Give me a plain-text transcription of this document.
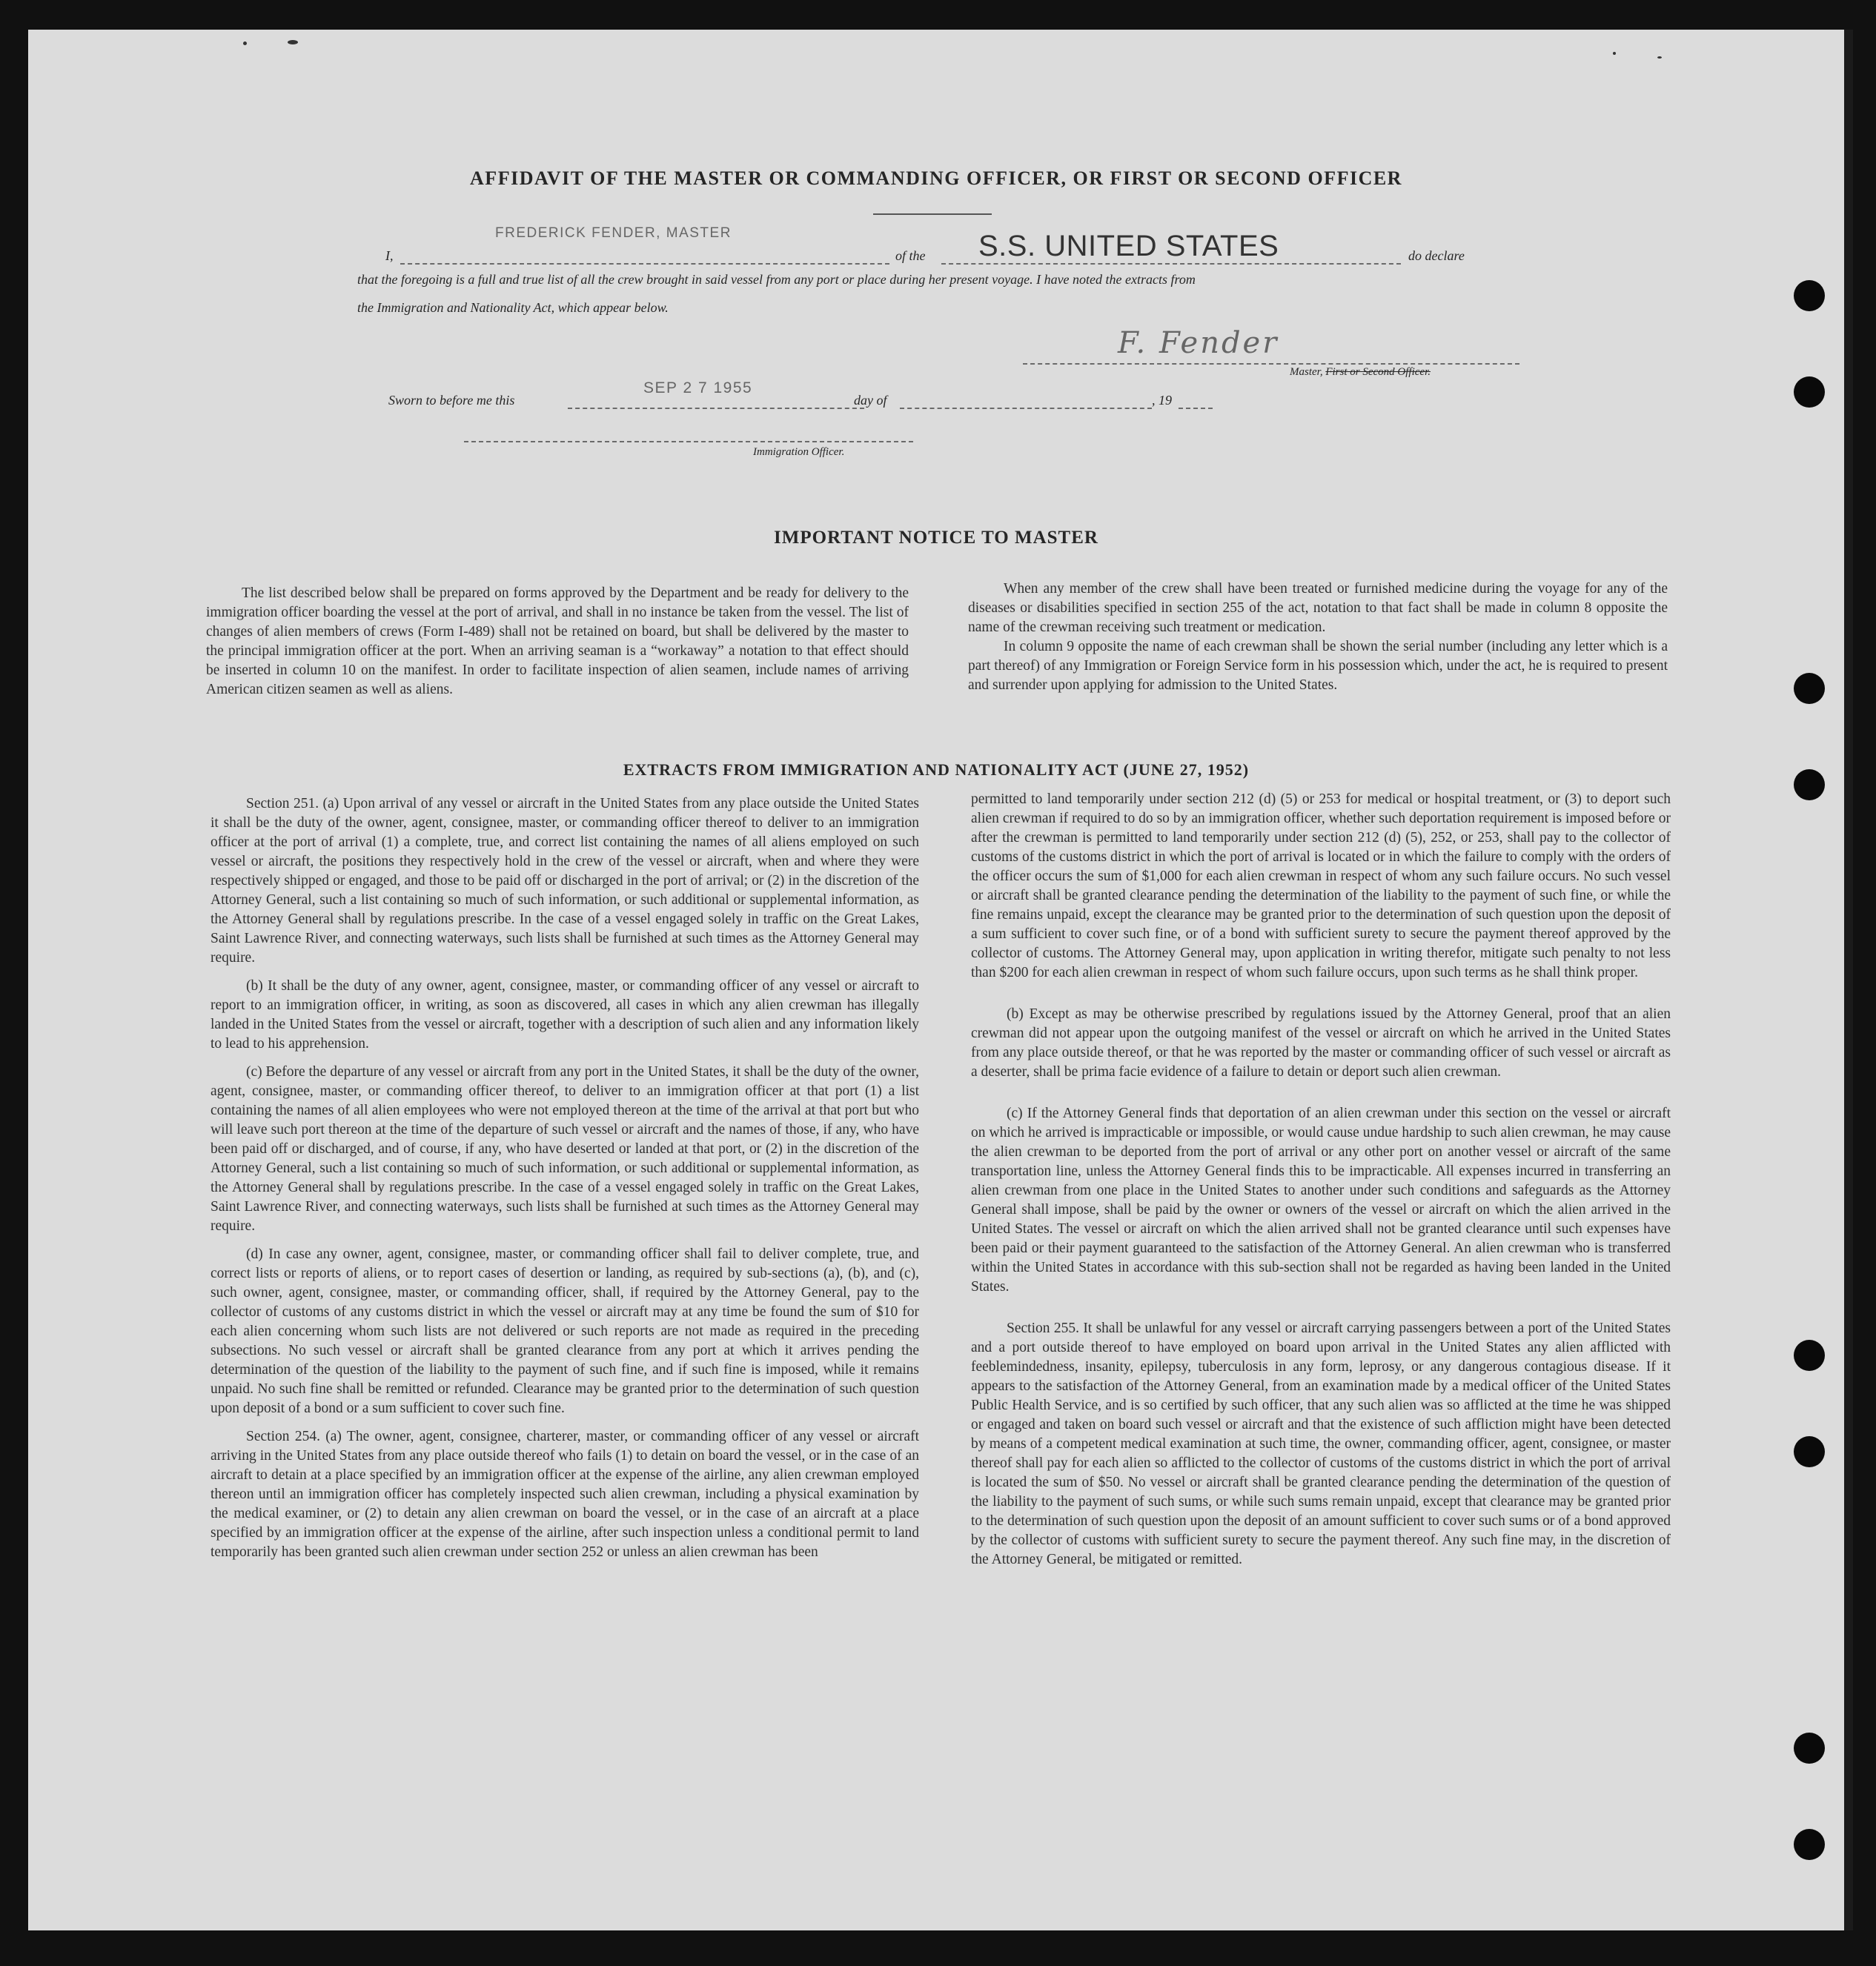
AFFIDAVIT OF THE MASTER OR COMMANDING OFFICER, OR FIRST OR SECOND OFFICER
I,
FREDERICK FENDER, MASTER
of the S.S. UNITED STATES	do declare
that the foregoing is a full and true list of all the crew brought in said vessel from any port or place during her present voyage. I have noted the extracts from
the Immigration and Nationality Act, which appear below.
F. Fender
Master, First or Second Officer.
Sworn to before me this
SEP 2 7 1955
day of	, 19
Immigration Officer.
IMPORTANT NOTICE TO MASTER

The list described below shall be prepared on forms approved by the Department and be ready for delivery to the immigration officer boarding the vessel at the port of arrival, and shall in no instance be taken from the vessel. The list of changes of alien members of crews (Form I-489) shall not be retained on board, but shall be delivered by the master to the principal immigration officer at the port. When an arriving seaman is a “workaway” a notation to that effect should be inserted in column 10 on the manifest. In order to facilitate inspection of alien seamen, include names of arriving American citizen seamen as well as aliens.

When any member of the crew shall have been treated or furnished medicine during the voyage for any of the diseases or disabilities specified in section 255 of the act, notation to that fact shall be made in column 8 opposite the name of the crewman receiving such treatment or medication.

In column 9 opposite the name of each crewman shall be shown the serial number (including any letter which is a part thereof) of any Immigration or Foreign Service form in his possession which, under the act, he is required to present and surrender upon applying for admission to the United States.

EXTRACTS FROM IMMIGRATION AND NATIONALITY ACT (JUNE 27, 1952)

Section 251. (a) Upon arrival of any vessel or aircraft in the United States from any place outside the United States it shall be the duty of the owner, agent, consignee, master, or commanding officer thereof to deliver to an immigration officer at the port of arrival (1) a complete, true, and correct list containing the names of all aliens employed on such vessel or aircraft, the positions they respectively hold in the crew of the vessel or aircraft, when and where they were respectively shipped or engaged, and those to be paid off or discharged in the port of arrival; or (2) in the discretion of the Attorney General, such a list containing so much of such information, or such additional or supplemental information, as the Attorney General shall by regulations prescribe. In the case of a vessel engaged solely in traffic on the Great Lakes, Saint Lawrence River, and connecting waterways, such lists shall be furnished at such times as the Attorney General may require.

(b) It shall be the duty of any owner, agent, consignee, master, or commanding officer of any vessel or aircraft to report to an immigration officer, in writing, as soon as discovered, all cases in which any alien crewman has illegally landed in the United States from the vessel or aircraft, together with a description of such alien and any information likely to lead to his apprehension.

(c) Before the departure of any vessel or aircraft from any port in the United States, it shall be the duty of the owner, agent, consignee, master, or commanding officer thereof, to deliver to an immigration officer at that port (1) a list containing the names of all alien employees who were not employed thereon at the time of the arrival at that port but who will leave such port thereon at the time of the departure of such vessel or aircraft and the names of those, if any, who have been paid off or discharged, and of course, if any, who have deserted or landed at that port, or (2) in the discretion of the Attorney General, such a list containing so much of such information, or such additional or supplemental information, as the Attorney General shall by regulations prescribe. In the case of a vessel engaged solely in traffic on the Great Lakes, Saint Lawrence River, and connecting waterways, such lists shall be furnished at such times as the Attorney General may require.

(d) In case any owner, agent, consignee, master, or commanding officer shall fail to deliver complete, true, and correct lists or reports of aliens, or to report cases of desertion or landing, as required by sub-sections (a), (b), and (c), such owner, agent, consignee, master, or commanding officer, shall, if required by the Attorney General, pay to the collector of customs of any customs district in which the vessel or aircraft may at any time be found the sum of $10 for each alien concerning whom such lists are not delivered or such reports are not made as required in the preceding subsections. No such vessel or aircraft shall be granted clearance from any port at which it arrives pending the determination of the question of the liability to the payment of such fine, and if such fine is imposed, while it remains unpaid. No such fine shall be remitted or refunded. Clearance may be granted prior to the determination of such question upon deposit of a bond or a sum sufficient to cover such fine.

Section 254. (a) The owner, agent, consignee, charterer, master, or commanding officer of any vessel or aircraft arriving in the United States from any place outside thereof who fails (1) to detain on board the vessel, or in the case of an aircraft to detain at a place specified by an immigration officer at the expense of the airline, any alien crewman employed thereon until an immigration officer has completely inspected such alien crewman, including a physical examination by the medical examiner, or (2) to detain any alien crewman on board the vessel, or in the case of an aircraft at a place specified by an immigration officer at the expense of the airline, after such inspection unless a conditional permit to land temporarily has been granted such alien crewman under section 252 or unless an alien crewman has been

permitted to land temporarily under section 212 (d) (5) or 253 for medical or hospital treatment, or (3) to deport such alien crewman if required to do so by an immigration officer, whether such deportation requirement is imposed before or after the crewman is permitted to land temporarily under section 212 (d) (5), 252, or 253, shall pay to the collector of customs of the customs district in which the port of arrival is located or in which the failure to comply with the orders of the officer occurs the sum of $1,000 for each alien crewman in respect of whom any such failure occurs. No such vessel or aircraft shall be granted clearance pending the determination of the liability to the payment of such fine, or while the fine remains unpaid, except the clearance may be granted prior to the determination of such question upon the deposit of a sum sufficient to cover such fine, or of a bond with sufficient surety to secure the payment thereof approved by the collector of customs. The Attorney General may, upon application in writing therefor, mitigate such penalty to not less than $200 for each alien crewman in respect of whom such failure occurs, upon such terms as he shall think proper.

(b) Except as may be otherwise prescribed by regulations issued by the Attorney General, proof that an alien crewman did not appear upon the outgoing manifest of the vessel or aircraft on which he arrived in the United States from any place outside thereof, or that he was reported by the master or commanding officer of such vessel or aircraft as a deserter, shall be prima facie evidence of a failure to detain or deport such alien crewman.

(c) If the Attorney General finds that deportation of an alien crewman under this section on the vessel or aircraft on which he arrived is impracticable or impossible, or would cause undue hardship to such alien crewman, he may cause the alien crewman to be deported from the port of arrival or any other port on another vessel or aircraft of the same transportation line, unless the Attorney General finds this to be impracticable. All expenses incurred in transferring an alien crewman from one place in the United States to another under such conditions and safeguards as the Attorney General shall impose, shall be paid by the owner or owners of the vessel or aircraft on which the alien arrived in the United States. The vessel or aircraft on which the alien arrived shall not be granted clearance until such expenses have been paid or their payment guaranteed to the satisfaction of the Attorney General. An alien crewman who is transferred within the United States in accordance with this sub-section shall not be regarded as having been landed in the United States.

Section 255. It shall be unlawful for any vessel or aircraft carrying passengers between a port of the United States and a port outside thereof to have employed on board upon arrival in the United States any alien afflicted with feeblemindedness, insanity, epilepsy, tuberculosis in any form, leprosy, or any dangerous contagious disease. If it appears to the satisfaction of the Attorney General, from an examination made by a medical officer of the United States Public Health Service, and is so certified by such officer, that any such alien was so afflicted at the time he was shipped or engaged and taken on board such vessel or aircraft and that the existence of such affliction might have been detected by means of a competent medical examination at such time, the owner, commanding officer, agent, consignee, or master thereof shall pay for each alien so afflicted to the collector of customs of the customs district in which the port of arrival is located the sum of $50. No vessel or aircraft shall be granted clearance pending the determination of the question of the liability to the payment of such sums, or while such sums remain unpaid, except that clearance may be granted prior to the determination of such question upon the deposit of an amount sufficient to cover such sums or of a bond approved by the collector of customs with sufficient surety to secure the payment thereof. Any such fine may, in the discretion of the Attorney General, be mitigated or remitted.
